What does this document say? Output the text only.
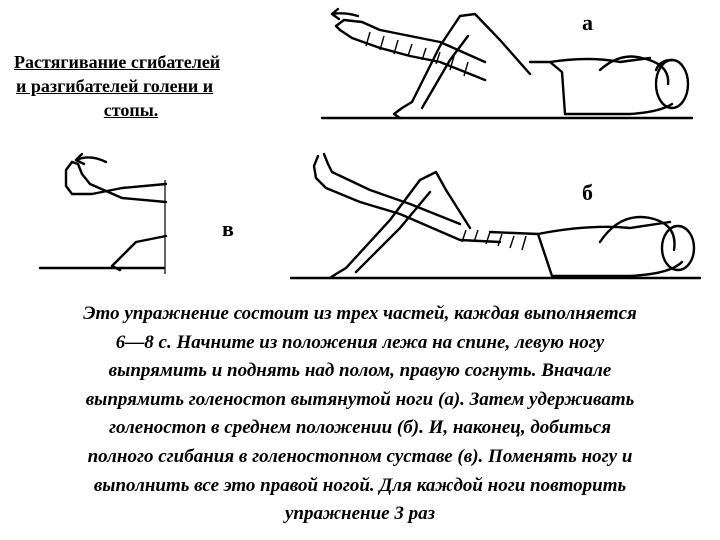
Растягивание сгибателей
и разгибателей голени и
стопы.
а
б
в
Это упражнение состоит из трех частей, каждая выполняется
6—8 с. Начните из положения лежа на спине, левую ногу
выпрямить и поднять над полом, правую согнуть. Вначале
выпрямить голеностоп вытянутой ноги (а). Затем удерживать
голеностоп в среднем положении (б). И, наконец, добиться
полного сгибания в голеностопном суставе (в). Поменять ногу и
выполнить все это правой ногой. Для каждой ноги повторить
упражнение 3 раз
